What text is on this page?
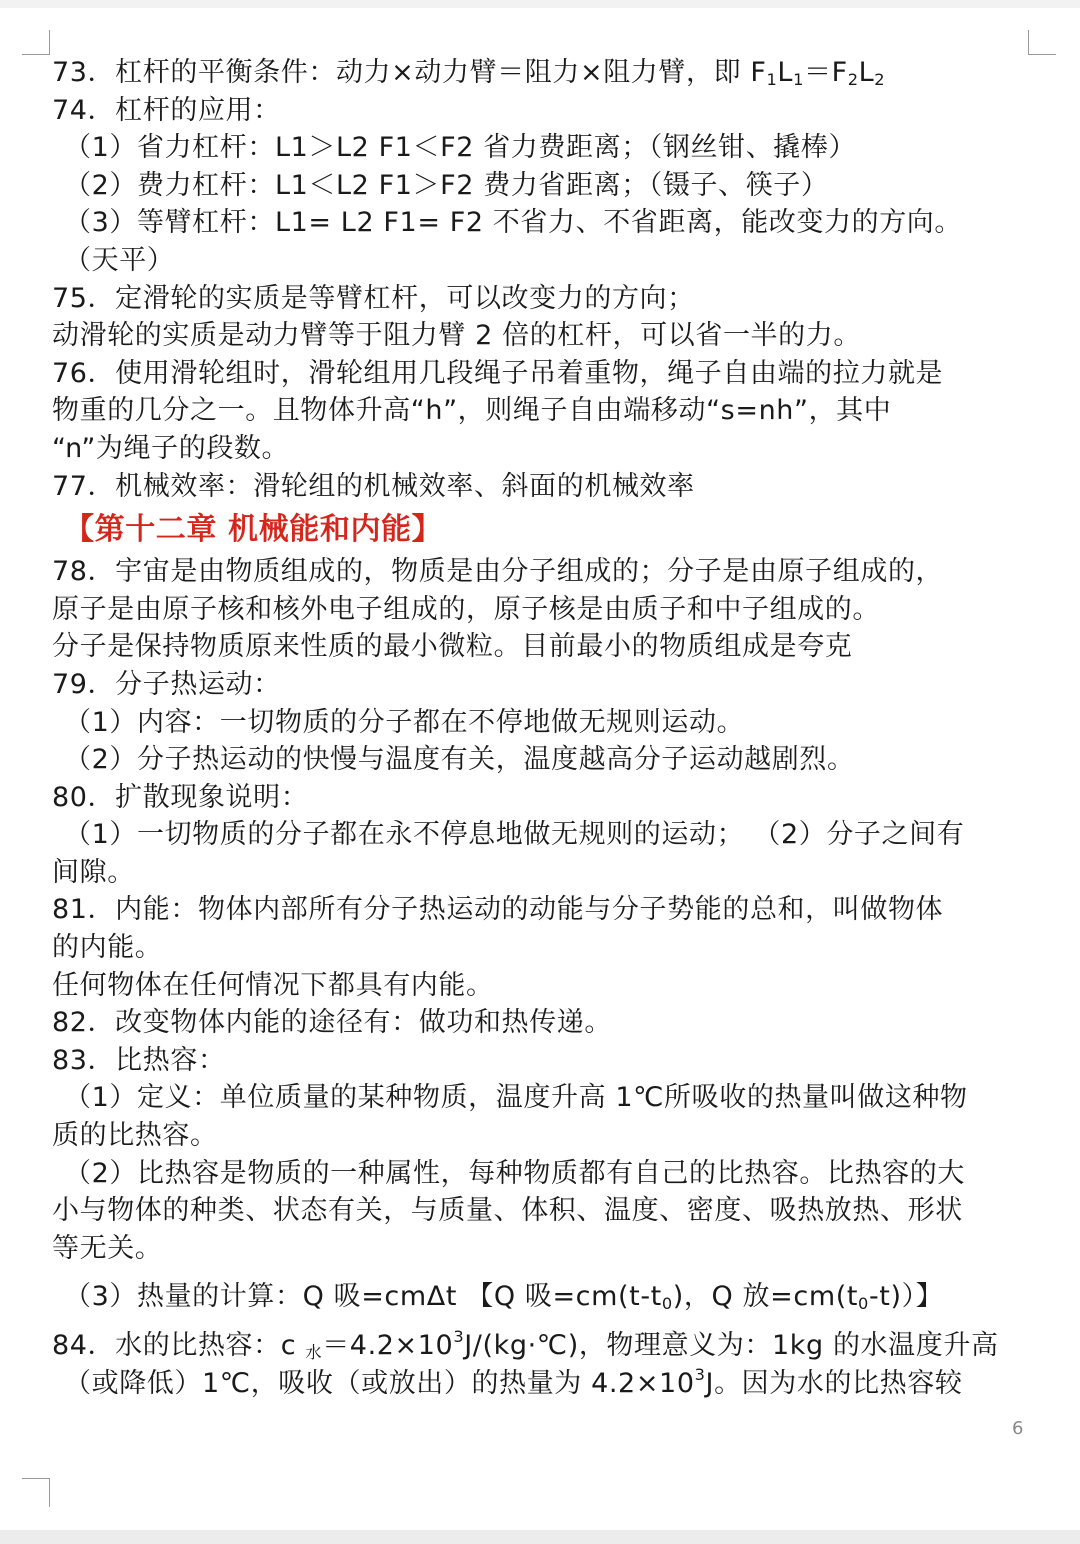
73．杠杆的平衡条件：动力×动力臂＝阻力×阻力臂，即 $F_1L_1=F_2L_2$
74．杠杆的应用：
（1）省力杠杆：L1＞L2 F1＜F2 省力费距离；（钢丝钳、撬棒）
（2）费力杠杆：L1＜L2 F1＞F2 费力省距离；（镊子、筷子）
（3）等臂杠杆：L1= L2 F1= F2 不省力、不省距离，能改变力的方向。
（天平）
75．定滑轮的实质是等臂杠杆，可以改变力的方向；
动滑轮的实质是动力臂等于阻力臂 2 倍的杠杆，可以省一半的力。
76．使用滑轮组时，滑轮组用几段绳子吊着重物，绳子自由端的拉力就是
物重的几分之一。且物体升高“h”，则绳子自由端移动“s=nh”，其中
“n”为绳子的段数。
77．机械效率：滑轮组的机械效率、斜面的机械效率
【第十二章 机械能和内能】
78．宇宙是由物质组成的，物质是由分子组成的；分子是由原子组成的，
原子是由原子核和核外电子组成的，原子核是由质子和中子组成的。
分子是保持物质原来性质的最小微粒。目前最小的物质组成是夸克
79．分子热运动：
（1）内容：一切物质的分子都在不停地做无规则运动。
（2）分子热运动的快慢与温度有关，温度越高分子运动越剧烈。
80．扩散现象说明：
（1）一切物质的分子都在永不停息地做无规则的运动； （2）分子之间有
间隙。
81．内能：物体内部所有分子热运动的动能与分子势能的总和，叫做物体
的内能。
任何物体在任何情况下都具有内能。
82．改变物体内能的途径有：做功和热传递。
83．比热容：
（1）定义：单位质量的某种物质，温度升高 1℃所吸收的热量叫做这种物
质的比热容。
（2）比热容是物质的一种属性，每种物质都有自己的比热容。比热容的大
小与物体的种类、状态有关，与质量、体积、温度、密度、吸热放热、形状
等无关。
（3）热量的计算：Q 吸=cmΔt 【Q 吸$=cm(t-t_0)$，Q 放$=cm(t_0-t)$）】
84．水的比热容：c $_水=4.2\times 10^3J/(kg\cdot℃)$，物理意义为：1kg 的水温度升高
（或降低）1℃，吸收（或放出）的热量为 $4.2\times 10^3J$。因为水的比热容较
6
